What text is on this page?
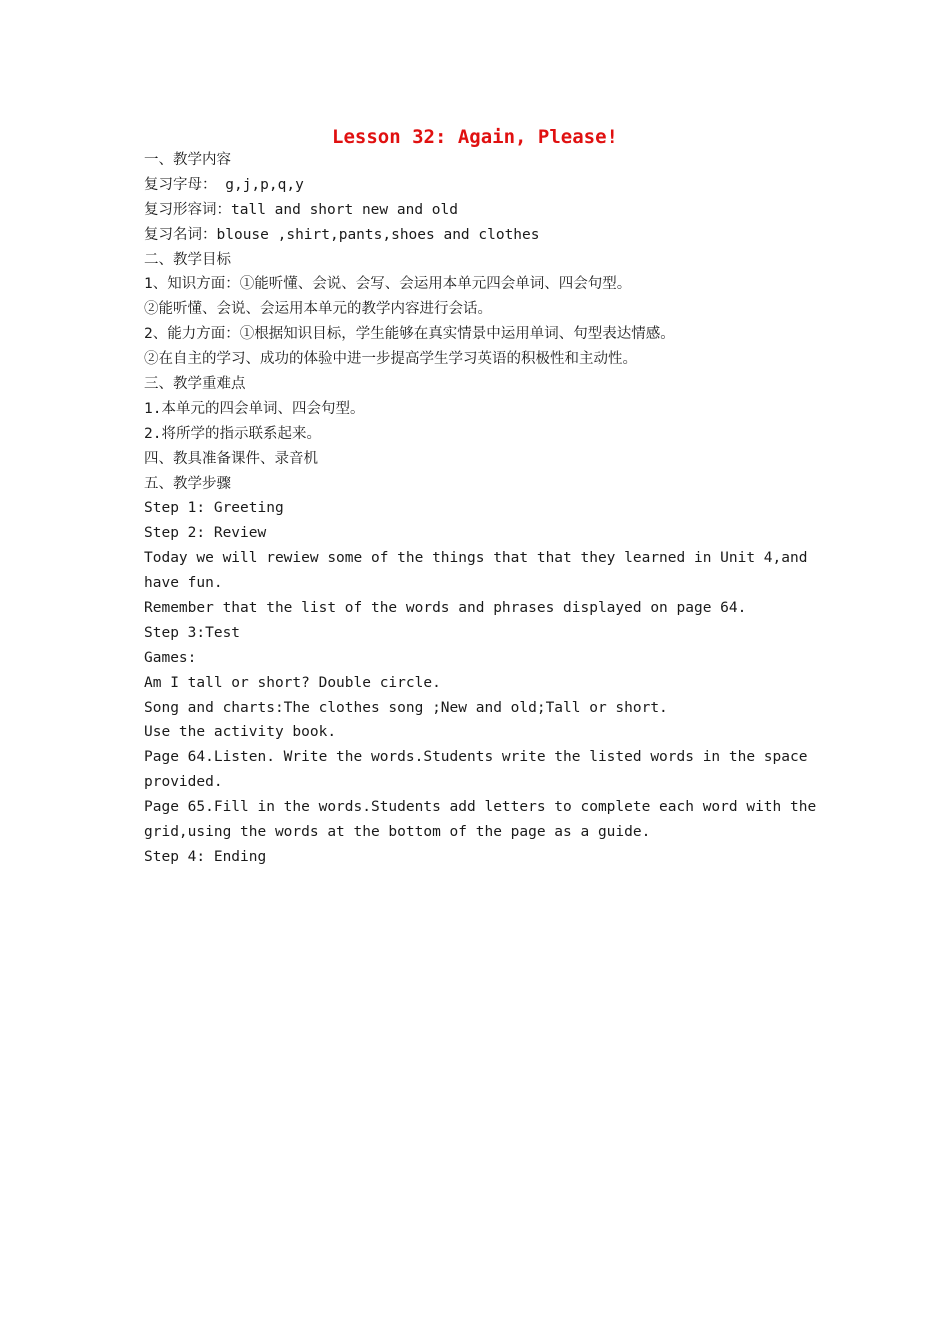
Lesson 32: Again, Please!
一、教学内容
复习字母： g,j,p,q,y
复习形容词：tall and short new and old
复习名词：blouse ,shirt,pants,shoes and clothes
二、教学目标
1、知识方面：①能听懂、会说、会写、会运用本单元四会单词、四会句型。
②能听懂、会说、会运用本单元的教学内容进行会话。
2、能力方面：①根据知识目标，学生能够在真实情景中运用单词、句型表达情感。
②在自主的学习、成功的体验中进一步提高学生学习英语的积极性和主动性。
三、教学重难点
1.本单元的四会单词、四会句型。
2.将所学的指示联系起来。
四、教具准备课件、录音机
五、教学步骤
Step 1: Greeting
Step 2: Review
Today we will rewiew some of the things that that they learned in Unit 4,and
have fun.
Remember that the list of the words and phrases displayed on page 64.
Step 3:Test
Games:
Am I tall or short? Double circle.
Song and charts:The clothes song ;New and old;Tall or short.
Use the activity book.
Page 64.Listen. Write the words.Students write the listed words in the space
provided.
Page 65.Fill in the words.Students add letters to complete each word with the
grid,using the words at the bottom of the page as a guide.
Step 4: Ending
